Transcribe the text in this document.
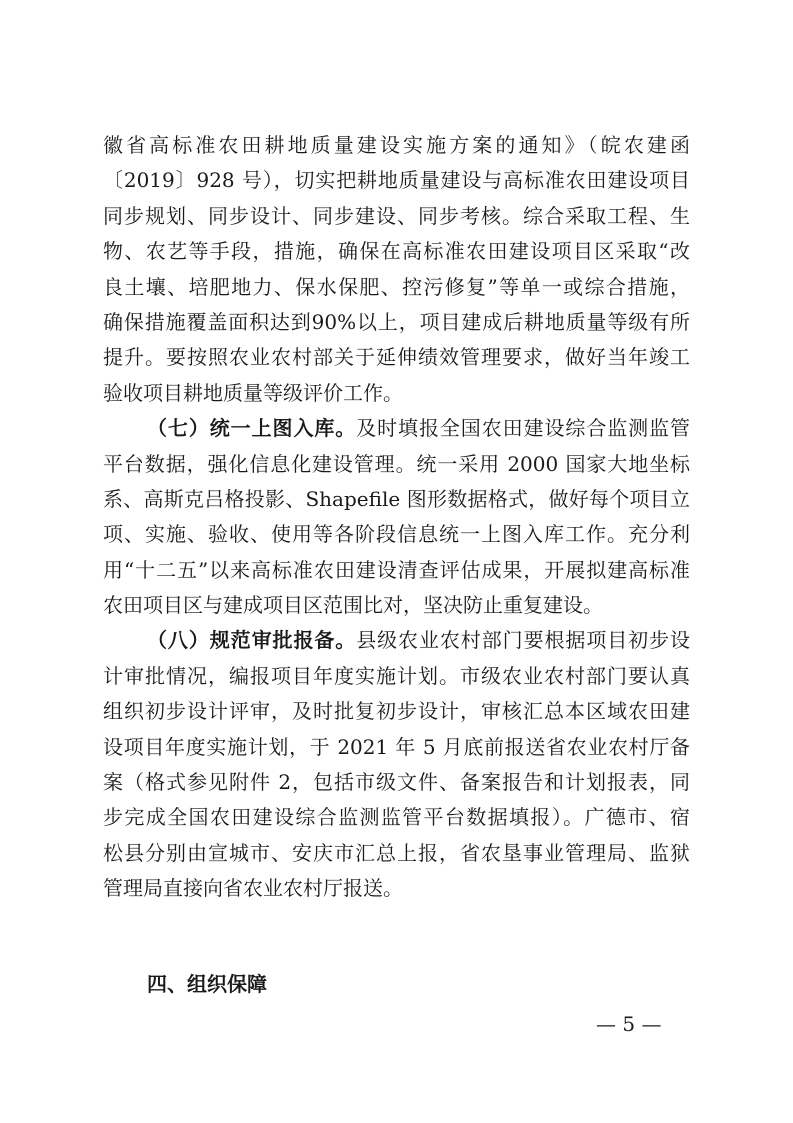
徽省高标准农田耕地质量建设实施方案的通知》（皖农建函
〔2019〕928 号），切实把耕地质量建设与高标准农田建设项目
同步规划、同步设计、同步建设、同步考核。综合采取工程、生
物、农艺等手段，措施，确保在高标准农田建设项目区采取“改
良土壤、培肥地力、保水保肥、控污修复”等单一或综合措施，
确保措施覆盖面积达到90%以上，项目建成后耕地质量等级有所
提升。要按照农业农村部关于延伸绩效管理要求，做好当年竣工
验收项目耕地质量等级评价工作。
（七）统一上图入库。及时填报全国农田建设综合监测监管
平台数据，强化信息化建设管理。统一采用 2000 国家大地坐标
系、高斯克吕格投影、Shapefile 图形数据格式，做好每个项目立
项、实施、验收、使用等各阶段信息统一上图入库工作。充分利
用“十二五”以来高标准农田建设清查评估成果，开展拟建高标准
农田项目区与建成项目区范围比对，坚决防止重复建设。
（八）规范审批报备。县级农业农村部门要根据项目初步设
计审批情况，编报项目年度实施计划。市级农业农村部门要认真
组织初步设计评审，及时批复初步设计，审核汇总本区域农田建
设项目年度实施计划，于 2021 年 5 月底前报送省农业农村厅备
案（格式参见附件 2，包括市级文件、备案报告和计划报表，同
步完成全国农田建设综合监测监管平台数据填报）。广德市、宿
松县分别由宣城市、安庆市汇总上报，省农垦事业管理局、监狱
管理局直接向省农业农村厅报送。
四、组织保障
— 5 —
